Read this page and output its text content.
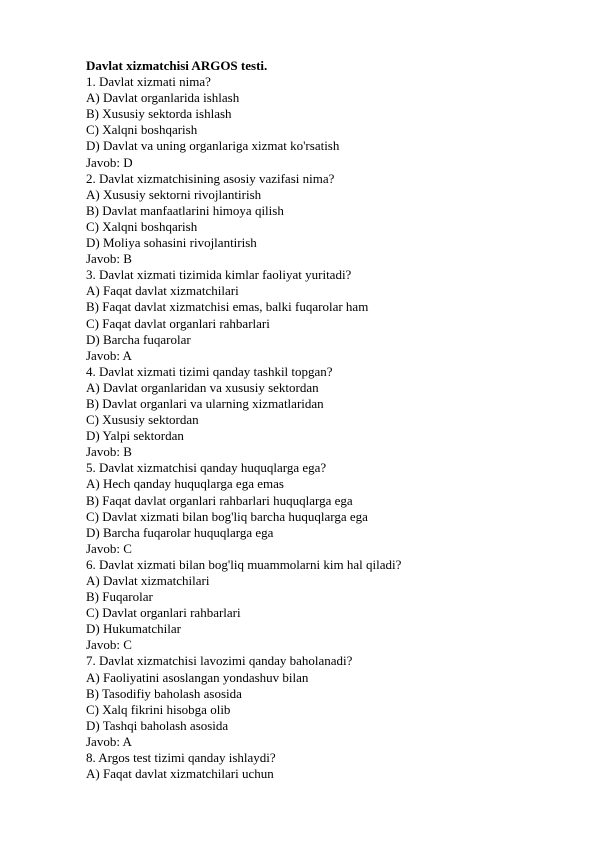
Davlat xizmatchisi ARGOS testi.
1. Davlat xizmati nima?
A) Davlat organlarida ishlash
B) Xususiy sektorda ishlash
C) Xalqni boshqarish
D) Davlat va uning organlariga xizmat ko'rsatish
Javob: D
2. Davlat xizmatchisining asosiy vazifasi nima?
A) Xususiy sektorni rivojlantirish
B) Davlat manfaatlarini himoya qilish
C) Xalqni boshqarish
D) Moliya sohasini rivojlantirish
Javob: B
3. Davlat xizmati tizimida kimlar faoliyat yuritadi?
A) Faqat davlat xizmatchilari
B) Faqat davlat xizmatchisi emas, balki fuqarolar ham
C) Faqat davlat organlari rahbarlari
D) Barcha fuqarolar
Javob: A
4. Davlat xizmati tizimi qanday tashkil topgan?
A) Davlat organlaridan va xususiy sektordan
B) Davlat organlari va ularning xizmatlaridan
C) Xususiy sektordan
D) Yalpi sektordan
Javob: B
5. Davlat xizmatchisi qanday huquqlarga ega?
A) Hech qanday huquqlarga ega emas
B) Faqat davlat organlari rahbarlari huquqlarga ega
C) Davlat xizmati bilan bog'liq barcha huquqlarga ega
D) Barcha fuqarolar huquqlarga ega
Javob: C
6. Davlat xizmati bilan bog'liq muammolarni kim hal qiladi?
A) Davlat xizmatchilari
B) Fuqarolar
C) Davlat organlari rahbarlari
D) Hukumatchilar
Javob: C
7. Davlat xizmatchisi lavozimi qanday baholanadi?
A) Faoliyatini asoslangan yondashuv bilan
B) Tasodifiy baholash asosida
C) Xalq fikrini hisobga olib
D) Tashqi baholash asosida
Javob: A
8. Argos test tizimi qanday ishlaydi?
A) Faqat davlat xizmatchilari uchun
